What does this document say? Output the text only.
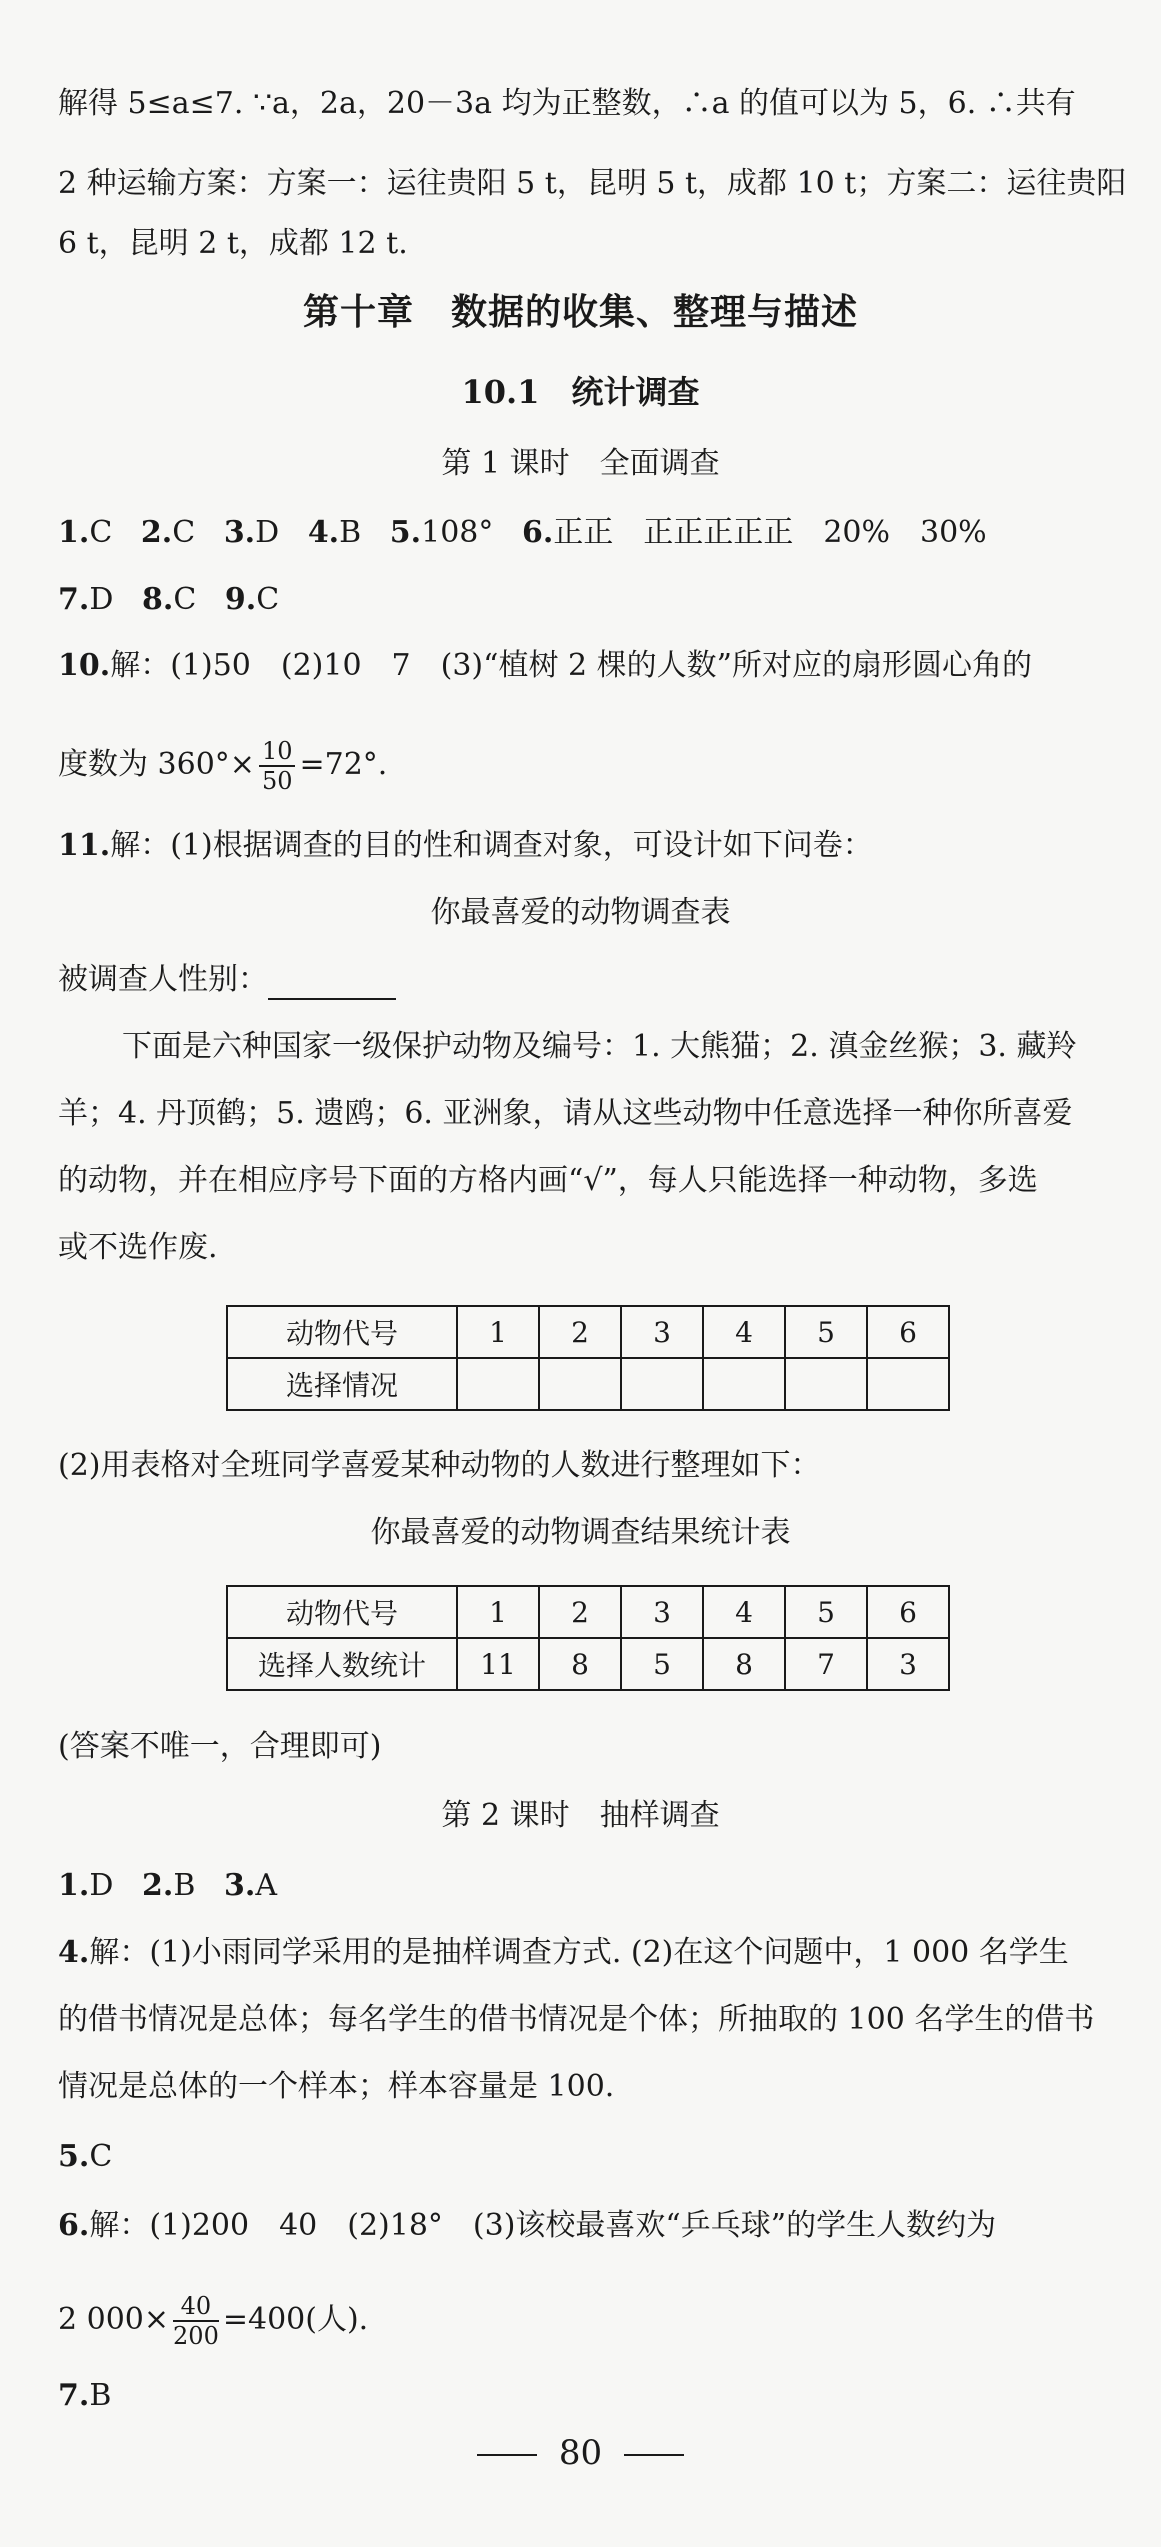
解得 5≤a≤7. ∵a，2a，20－3a 均为正整数，∴a 的值可以为 5，6. ∴共有
2 种运输方案：方案一：运往贵阳 5 t，昆明 5 t，成都 10 t；方案二：运往贵阳
6 t，昆明 2 t，成都 12 t.
第十章　数据的收集、整理与描述
10.1　统计调查
第 1 课时　全面调查
1.C 2.C 3.D 4.B 5.108° 6.正正　正正正正正　20%　30%
7.D 8.C 9.C
10.解：(1)50　(2)10　7　(3)“植树 2 棵的人数”所对应的扇形圆心角的
度数为 $360^\circ\times \frac{10}{50} =72^\circ$.
11.解：(1)根据调查的目的性和调查对象，可设计如下问卷：
你最喜爱的动物调查表
被调查人性别：
下面是六种国家一级保护动物及编号：1. 大熊猫；2. 滇金丝猴；3. 藏羚
羊；4. 丹顶鹤；5. 遗鸥；6. 亚洲象，请从这些动物中任意选择一种你所喜爱
的动物，并在相应序号下面的方格内画“√”，每人只能选择一种动物，多选
或不选作废.
动物代号	1	2	3	4	5	6
选择情况						
(2)用表格对全班同学喜爱某种动物的人数进行整理如下：
你最喜爱的动物调查结果统计表
动物代号	1	2	3	4	5	6
选择人数统计	11	8	5	8	7	3
(答案不唯一，合理即可)
第 2 课时　抽样调查
1.D 2.B 3.A
4.解：(1)小雨同学采用的是抽样调查方式. (2)在这个问题中，1 000 名学生
的借书情况是总体；每名学生的借书情况是个体；所抽取的 100 名学生的借书
情况是总体的一个样本；样本容量是 100.
5.C
6.解：(1)200　40　(2)18°　(3)该校最喜欢“乒乓球”的学生人数约为
2 $000\times \frac{40}{200} =400$(人).
7.B
80
